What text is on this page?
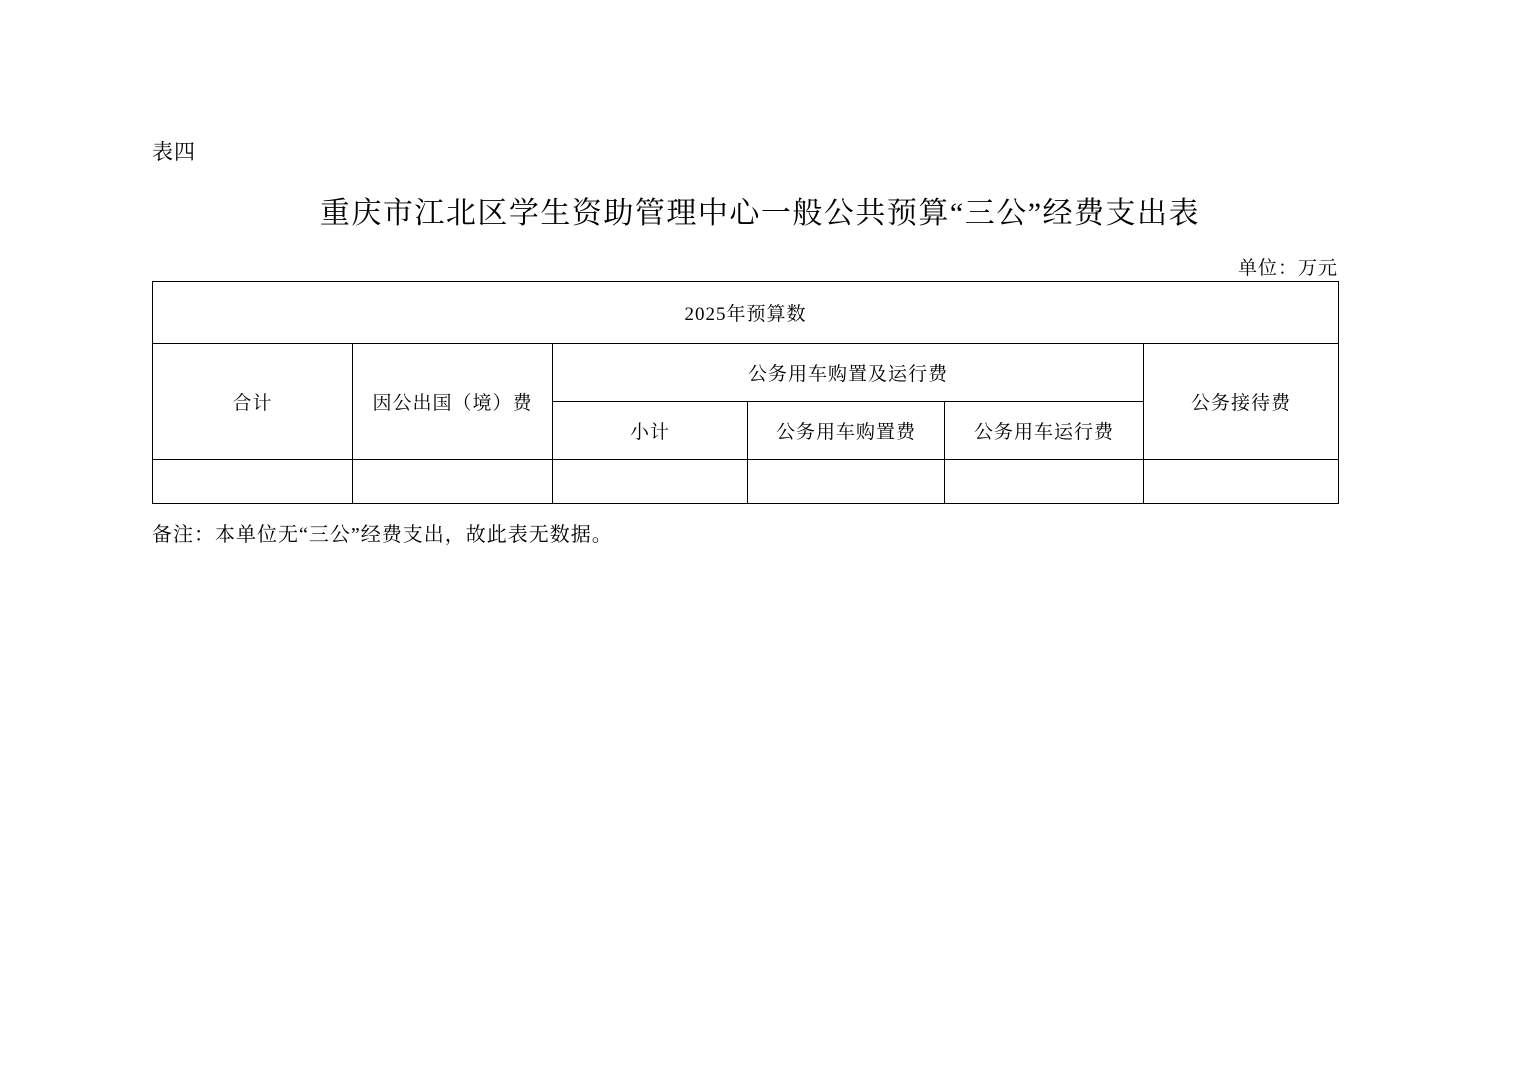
表四
重庆市江北区学生资助管理中心一般公共预算“三公”经费支出表
单位：万元
2025年预算数					
合计	因公出国（境）费	公务用车购置及运行费			公务接待费
		小计	公务用车购置费	公务用车运行费	

备注：本单位无“三公”经费支出，故此表无数据。
